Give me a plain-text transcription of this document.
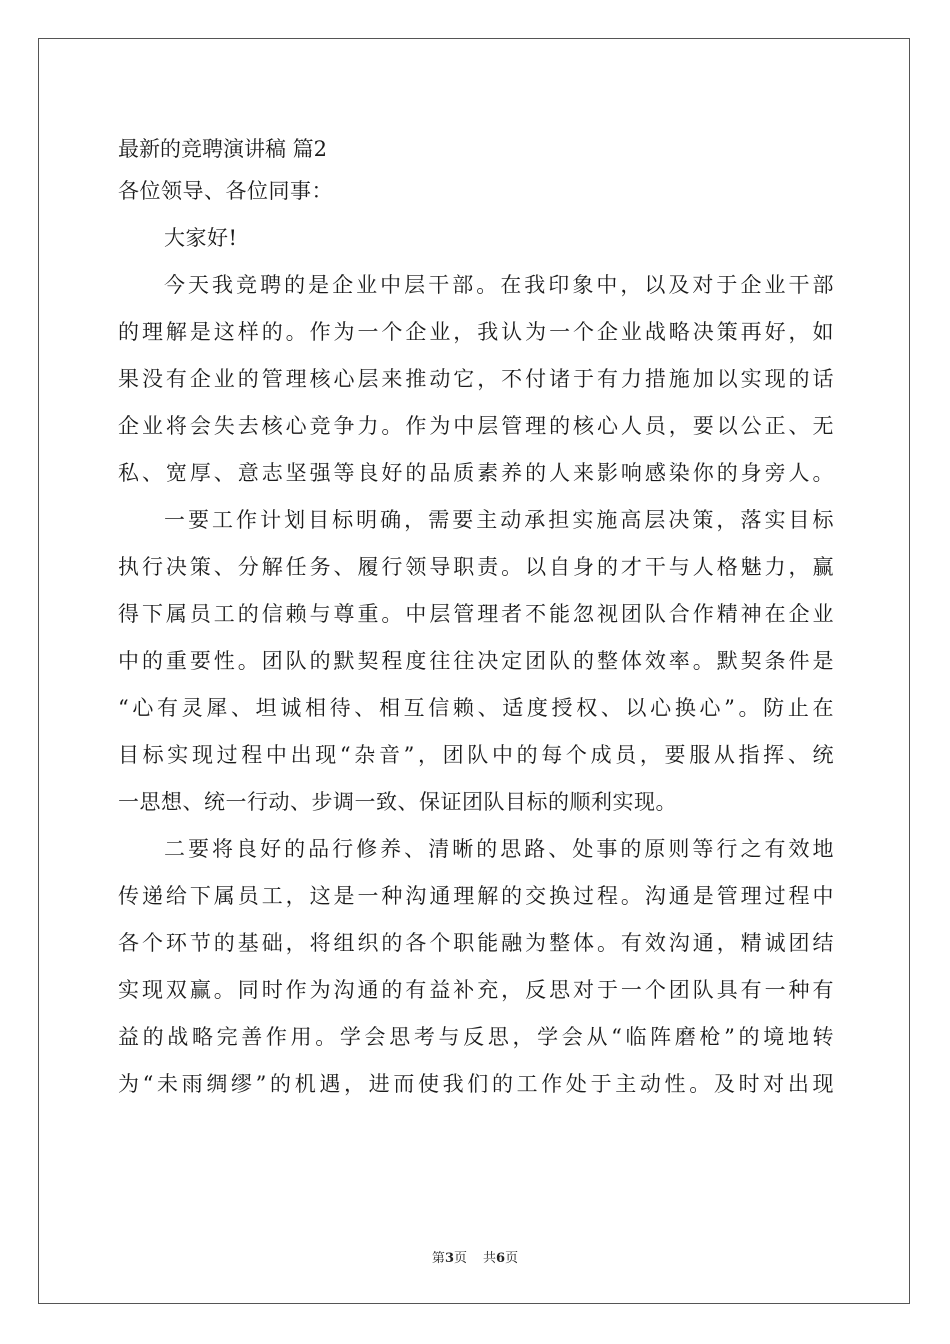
最新的竞聘演讲稿 篇2
各位领导、各位同事：
大家好!
今天我竞聘的是企业中层干部。在我印象中，以及对于企业干部
的理解是这样的。作为一个企业，我认为一个企业战略决策再好，如
果没有企业的管理核心层来推动它，不付诸于有力措施加以实现的话
企业将会失去核心竞争力。作为中层管理的核心人员，要以公正、无
私、宽厚、意志坚强等良好的品质素养的人来影响感染你的身旁人。
一要工作计划目标明确，需要主动承担实施高层决策，落实目标
执行决策、分解任务、履行领导职责。以自身的才干与人格魅力，赢
得下属员工的信赖与尊重。中层管理者不能忽视团队合作精神在企业
中的重要性。团队的默契程度往往决定团队的整体效率。默契条件是
“心有灵犀、坦诚相待、相互信赖、适度授权、以心换心”。防止在
目标实现过程中出现“杂音”，团队中的每个成员，要服从指挥、统
一思想、统一行动、步调一致、保证团队目标的顺利实现。
二要将良好的品行修养、清晰的思路、处事的原则等行之有效地
传递给下属员工，这是一种沟通理解的交换过程。沟通是管理过程中
各个环节的基础，将组织的各个职能融为整体。有效沟通，精诚团结
实现双赢。同时作为沟通的有益补充，反思对于一个团队具有一种有
益的战略完善作用。学会思考与反思，学会从“临阵磨枪”的境地转
为“未雨绸缪”的机遇，进而使我们的工作处于主动性。及时对出现
第3页 共6页
